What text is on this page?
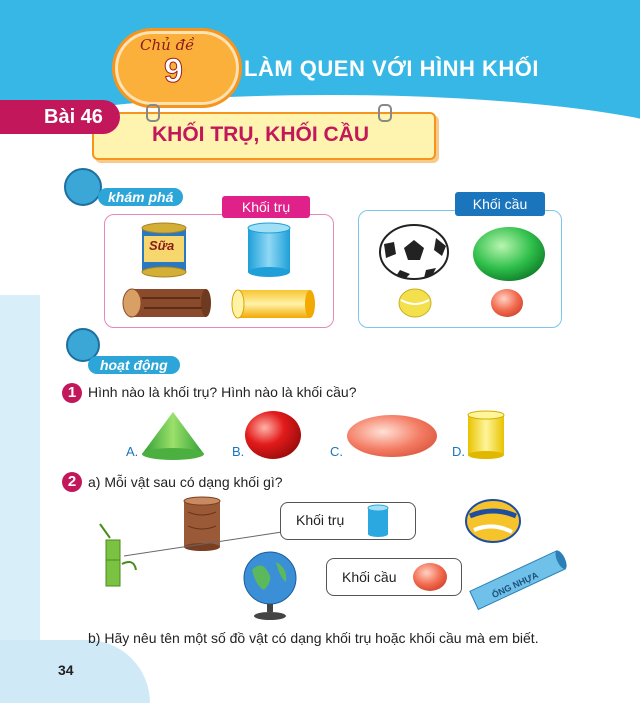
Chủ đề
9	LÀM QUEN VỚI HÌNH KHỐI
Bài 46
KHỐI TRỤ, KHỐI CẦU
khám phá
Khối trụ	Khối cầu
Sữa
hoạt động
1 Hình nào là khối trụ? Hình nào là khối cầu?
A.	B.	C.	D.
2 a) Mỗi vật sau có dạng khối gì?
Khối trụ
Khối cầu	ỐNG NHỰA
b) Hãy nêu tên một số đồ vật có dạng khối trụ hoặc khối cầu mà em biết.
34
